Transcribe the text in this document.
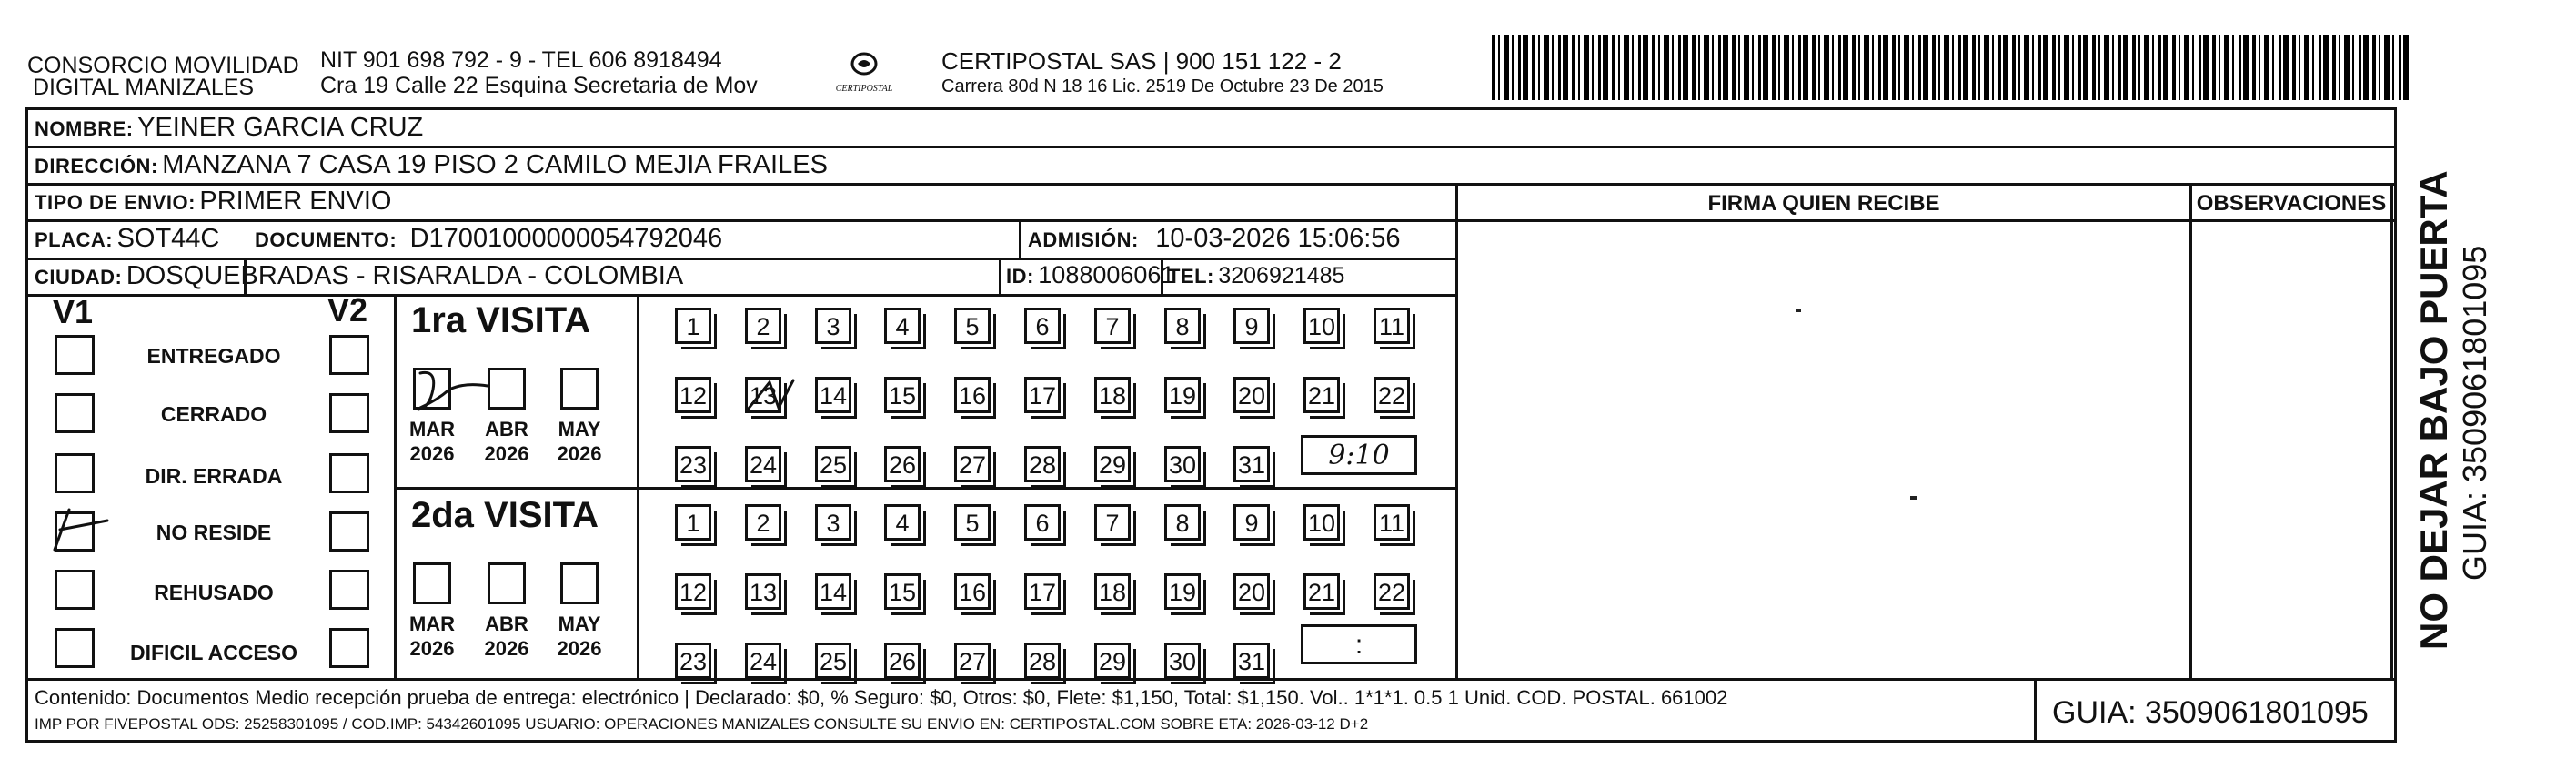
CONSORCIO MOVILIDAD
DIGITAL MANIZALES
NIT 901 698 792 - 9 - TEL 606 8918494
Cra 19 Calle 22 Esquina Secretaria de Mov	CERTIPOSTAL
CERTIPOSTAL SAS | 900 151 122 - 2
Carrera 80d N 18 16 Lic. 2519 De Octubre 23 De 2015
NOMBRE: YEINER GARCIA CRUZ
DIRECCIÓN: MANZANA 7 CASA 19 PISO 2 CAMILO MEJIA FRAILES
TIPO DE ENVIO: PRIMER ENVIO
PLACA: SOT44C DOCUMENTO: D17001000000054792046	ADMISIÓN: 10-03-2026 15:06:56
CIUDAD: DOSQUEBRADAS - RISARALDA - COLOMBIA	ID: 1088006061
TEL: 3206921485
FIRMA QUIEN RECIBE	OBSERVACIONES
V1	V2
ENTREGADO
CERRADO
DIR. ERRADA
NO RESIDE
REHUSADO
DIFICIL ACCESO
1ra VISITA
MAR
2026
ABR
2026
MAY
2026
1	2	3	4	5	6	7	8	9	10 11
12 13 14 15 16 17 18 19 20 21 22
23 24 25 26 27 28 29 30 31	9:10
2da VISITA
MAR
2026
ABR
2026
MAY
2026
1	2	3	4	5	6	7	8	9	10 11
12 13 14 15 16 17 18 19 20 21 22
23 24 25 26 27 28 29 30 31
:
Contenido: Documentos Medio recepción prueba de entrega: electrónico | Declarado: $0, % Seguro: $0, Otros: $0, Flete: $1,150, Total: $1,150. Vol.. 1*1*1. 0.5 1 Unid. COD. POSTAL. 661002
IMP POR FIVEPOSTAL ODS: 25258301095 / COD.IMP: 54342601095 USUARIO: OPERACIONES MANIZALES CONSULTE SU ENVIO EN: CERTIPOSTAL.COM SOBRE ETA: 2026-03-12 D+2	GUIA: 3509061801095
NO DEJAR BAJO PUERTA GUIA: 3509061801095
